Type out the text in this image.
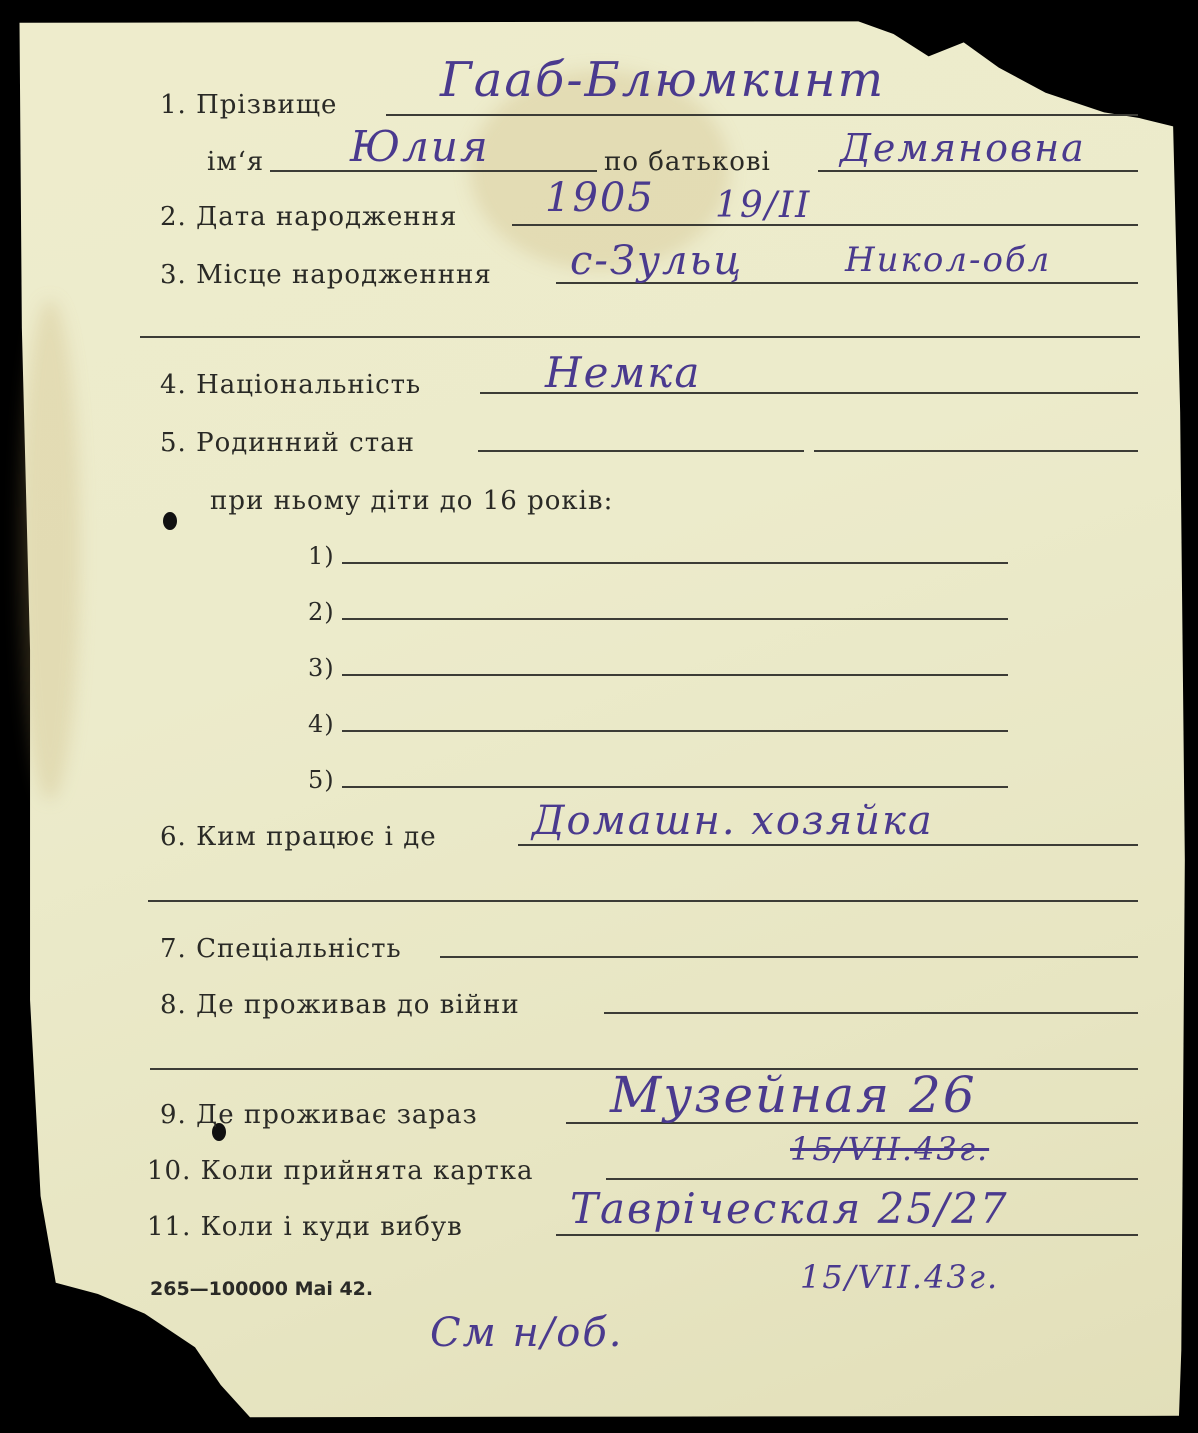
1. Прізвище Гааб-Блюмкинт
ім‘я Юлия	по батькові Демяновна
2. Дата народження 1905 19/II
3. Місце народженння с-Зульц	Никол-обл
4. Національність	Немка
5. Родинний стан
при ньому діти до 16 років:
1)
2)
3)
4)
5)
6. Ким працює і де Домашн. хозяйка
7. Спеціальність
8. Де проживав до війни
9. Де проживає зараз	Музейная 26
10. Коли прийнята картка
15/VII.43г.
11. Коли і куди вибув	Тавріческая 25/27
15/VII.43г.
265—100000 Mai 42.
См н/об.
